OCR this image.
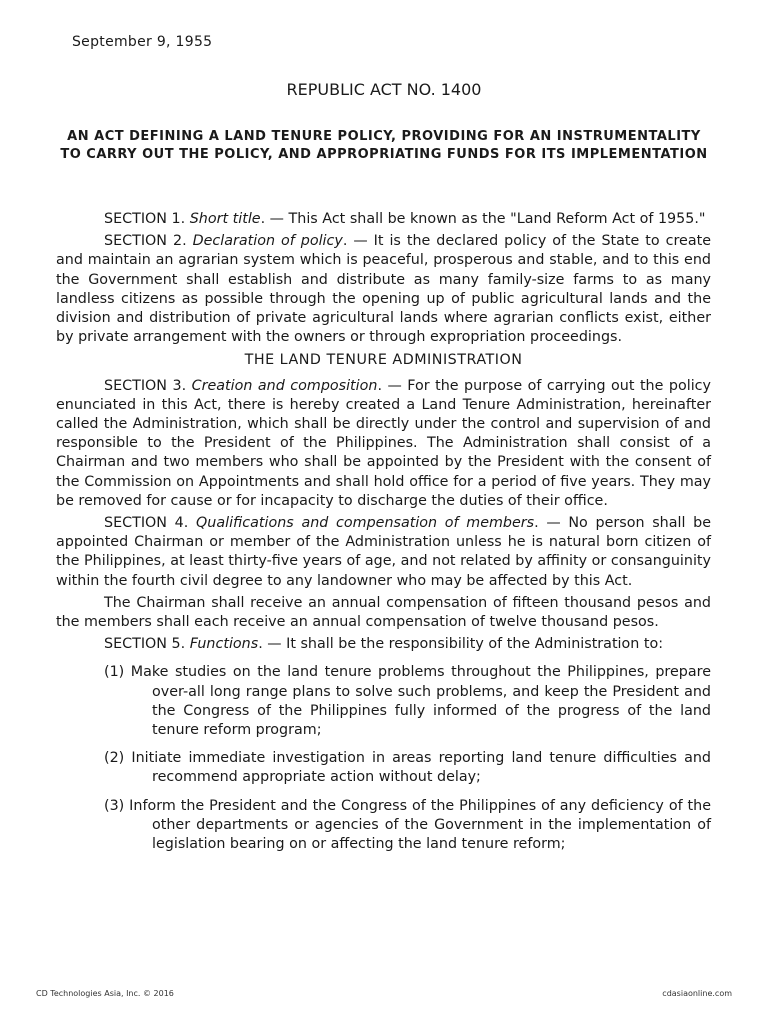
September 9, 1955
REPUBLIC ACT NO. 1400
AN ACT DEFINING A LAND TENURE POLICY, PROVIDING FOR AN INSTRUMENTALITY TO CARRY OUT THE POLICY, AND APPROPRIATING FUNDS FOR ITS IMPLEMENTATION

SECTION 1. Short title. — This Act shall be known as the "Land Reform Act of 1955."

SECTION 2. Declaration of policy. — It is the declared policy of the State to create and maintain an agrarian system which is peaceful, prosperous and stable, and to this end the Government shall establish and distribute as many family-size farms to as many landless citizens as possible through the opening up of public agricultural lands and the division and distribution of private agricultural lands where agrarian conflicts exist, either by private arrangement with the owners or through expropriation proceedings.

THE LAND TENURE ADMINISTRATION

SECTION 3. Creation and composition. — For the purpose of carrying out the policy enunciated in this Act, there is hereby created a Land Tenure Administration, hereinafter called the Administration, which shall be directly under the control and supervision of and responsible to the President of the Philippines. The Administration shall consist of a Chairman and two members who shall be appointed by the President with the consent of the Commission on Appointments and shall hold office for a period of five years. They may be removed for cause or for incapacity to discharge the duties of their office.

SECTION 4. Qualifications and compensation of members. — No person shall be appointed Chairman or member of the Administration unless he is natural born citizen of the Philippines, at least thirty-five years of age, and not related by affinity or consanguinity within the fourth civil degree to any landowner who may be affected by this Act.

The Chairman shall receive an annual compensation of fifteen thousand pesos and the members shall each receive an annual compensation of twelve thousand pesos.

SECTION 5. Functions. — It shall be the responsibility of the Administration to:

(1) Make studies on the land tenure problems throughout the Philippines, prepare over-all long range plans to solve such problems, and keep the President and the Congress of the Philippines fully informed of the progress of the land tenure reform program;

(2) Initiate immediate investigation in areas reporting land tenure difficulties and recommend appropriate action without delay;

(3) Inform the President and the Congress of the Philippines of any deficiency of the other departments or agencies of the Government in the implementation of legislation bearing on or affecting the land tenure reform;

CD Technologies Asia, Inc. © 2016	cdasiaonline.com
